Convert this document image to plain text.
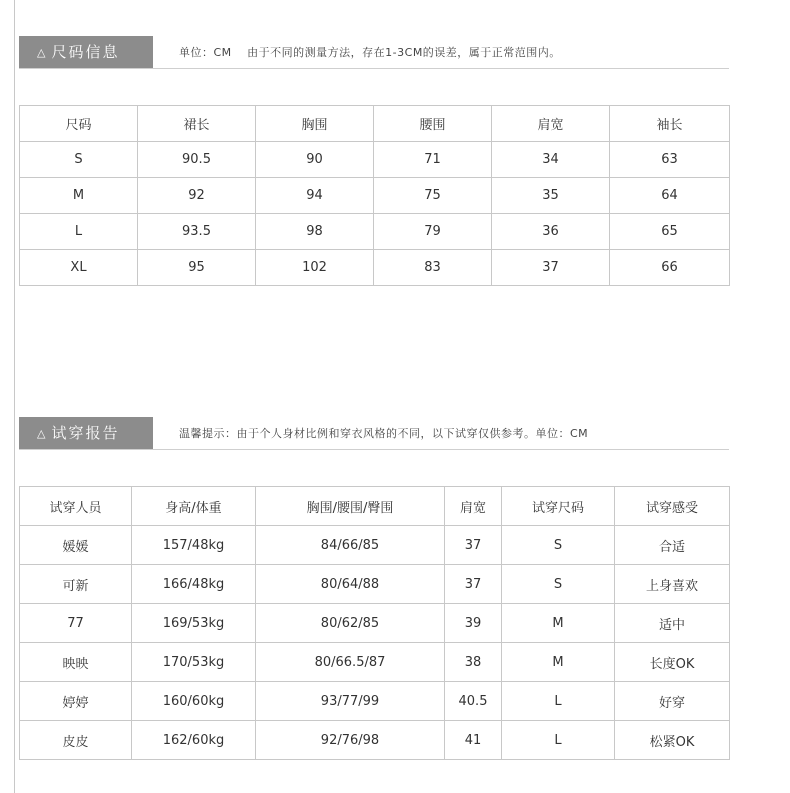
△ 尺码信息	单位：CM　 由于不同的测量方法，存在1-3CM的误差，属于正常范围内。
尺码	裙长	胸围	腰围	肩宽	袖长
S	90.5	90	71	34	63
M	92	94	75	35	64
L	93.5	98	79	36	65
XL	95	102	83	37	66
△ 试穿报告	温馨提示：由于个人身材比例和穿衣风格的不同，以下试穿仅供参考。单位：CM
试穿人员	身高/体重	胸围/腰围/臀围	肩宽	试穿尺码	试穿感受
媛媛	157/48kg	84/66/85	37	S	合适
可新	166/48kg	80/64/88	37	S	上身喜欢
77	169/53kg	80/62/85	39	M	适中
映映	170/53kg	80/66.5/87	38	M	长度OK
婷婷	160/60kg	93/77/99	40.5	L	好穿
皮皮	162/60kg	92/76/98	41	L	松紧OK
